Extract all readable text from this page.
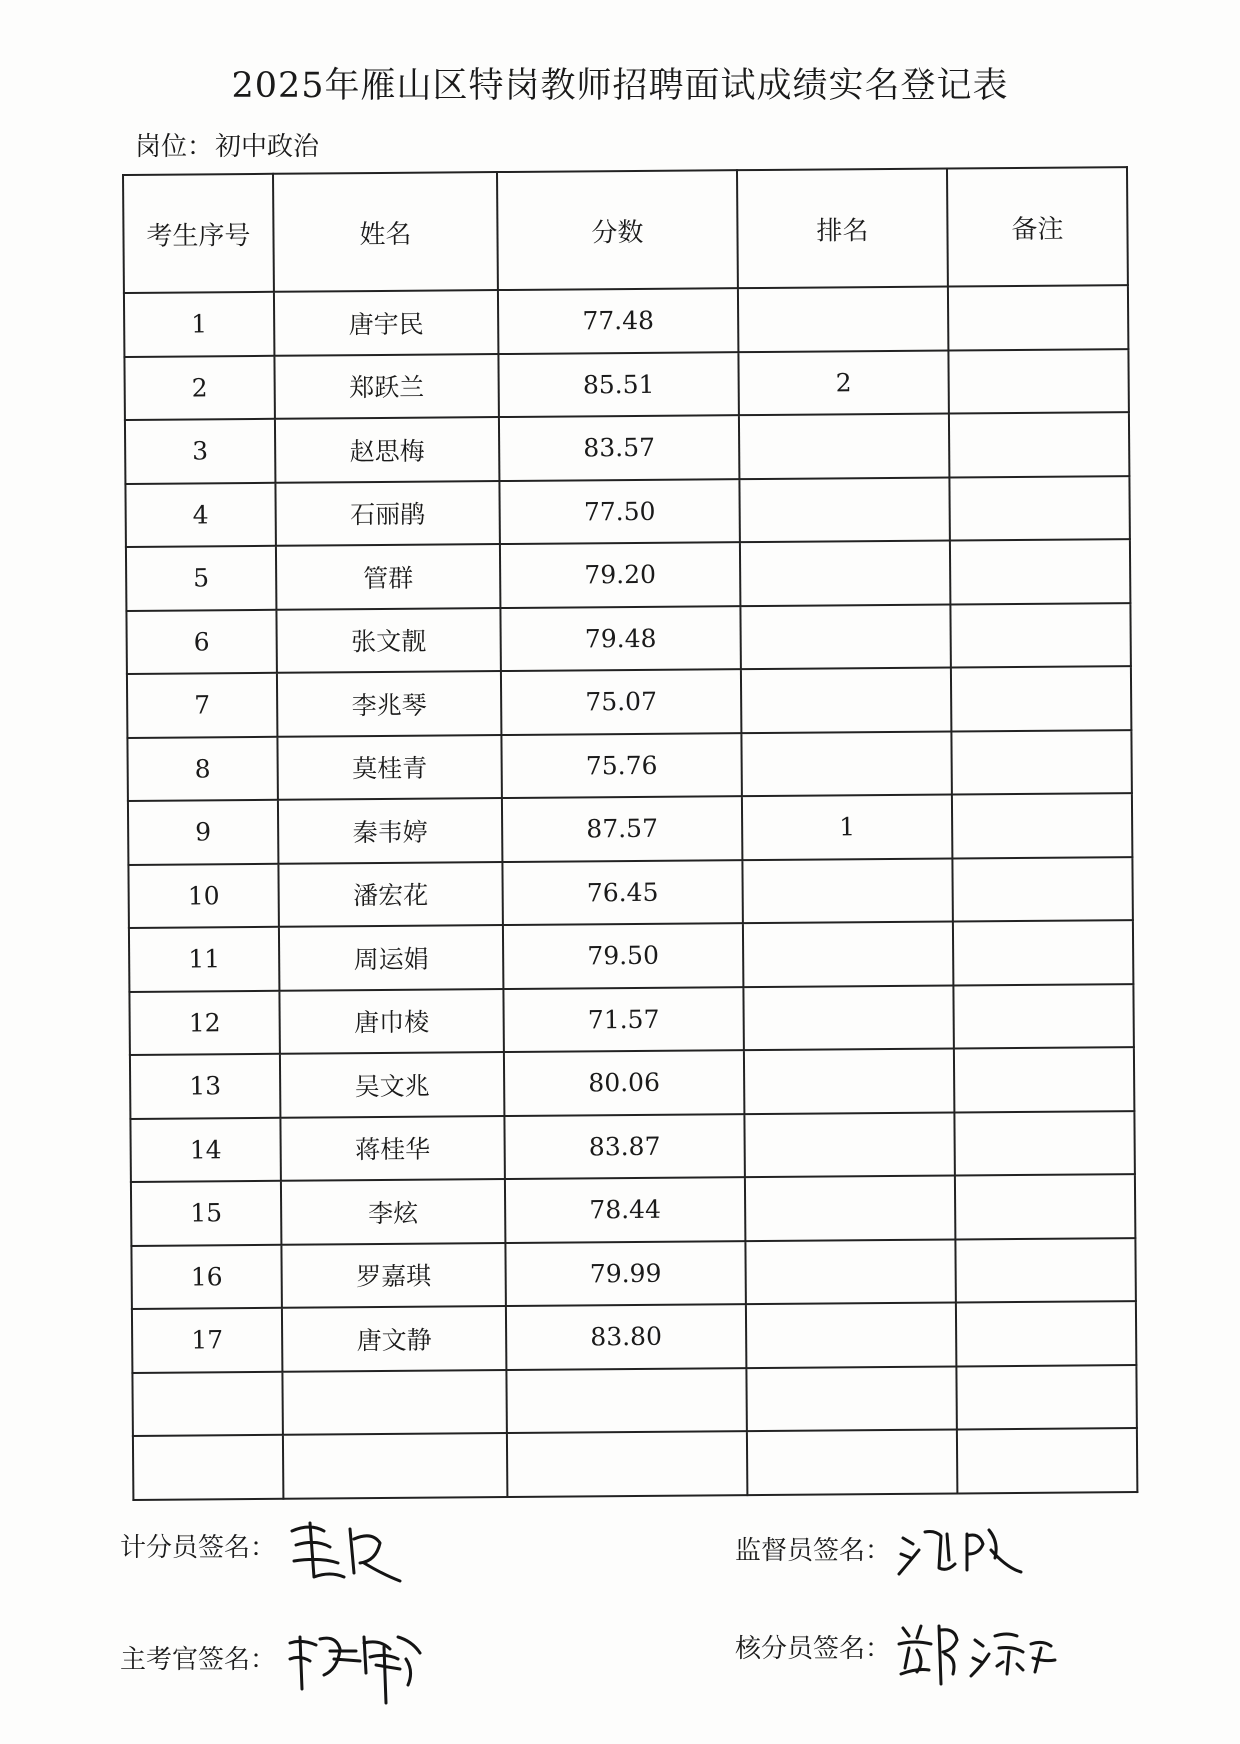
2025年雁山区特岗教师招聘面试成绩实名登记表
岗位：初中政治
考生序号	姓名	分数	排名	备注
1	唐宇民	77.48		
2	郑跃兰	85.51	2	
3	赵思梅	83.57		
4	石丽鹃	77.50		
5	管群	79.20		
6	张文靓	79.48		
7	李兆琴	75.07		
8	莫桂青	75.76		
9	秦韦婷	87.57	1	
10	潘宏花	76.45		
11	周运娟	79.50		
12	唐巾棱	71.57		
13	吴文兆	80.06		
14	蒋桂华	83.87		
15	李炫	78.44		
16	罗嘉琪	79.99		
17	唐文静	83.80		

计分员签名：	监督员签名：
主考官签名：	核分员签名：
